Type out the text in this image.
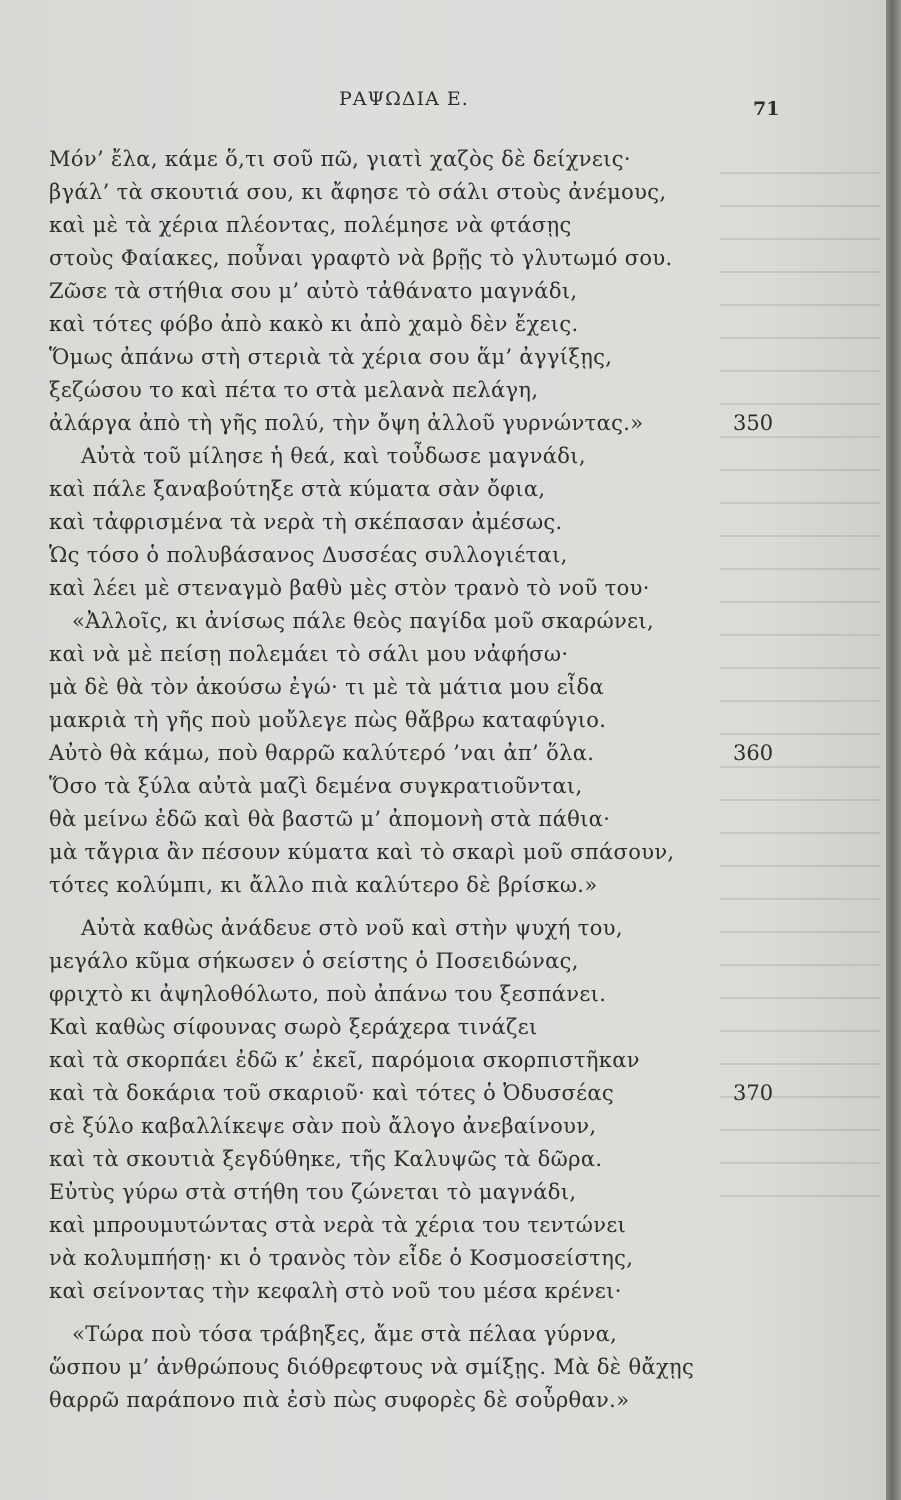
ΡΑΨΩΔΙΑ Ε.	71
Μόν’ ἔλα, κάμε ὅ,τι σοῦ πῶ, γιατὶ χαζὸς δὲ δείχνεις·
βγάλ’ τὰ σκουτιά σου, κι ἄφησε τὸ σάλι στοὺς ἀνέμους,
καὶ μὲ τὰ χέρια πλέοντας, πολέμησε νὰ φτάσῃς
στοὺς Φαίακες, ποὖναι γραφτὸ νὰ βρῇς τὸ γλυτωμό σου.
Ζῶσε τὰ στήθια σου μ’ αὐτὸ τἀθάνατο μαγνάδι,
καὶ τότες φόβο ἀπὸ κακὸ κι ἀπὸ χαμὸ δὲν ἔχεις.
Ὅμως ἀπάνω στὴ στεριὰ τὰ χέρια σου ἅμ’ ἀγγίξῃς,
ξεζώσου το καὶ πέτα το στὰ μελανὰ πελάγη,
ἀλάργα ἀπὸ τὴ γῆς πολύ, τὴν ὄψη ἀλλοῦ γυρνώντας.»	350
Αὐτὰ τοῦ μίλησε ἡ θεά, καὶ τοὖδωσε μαγνάδι,
καὶ πάλε ξαναβούτηξε στὰ κύματα σὰν ὄφια,
καὶ τἀφρισμένα τὰ νερὰ τὴ σκέπασαν ἀμέσως.
Ὡς τόσο ὁ πολυβάσανος Δυσσέας συλλογιέται,
καὶ λέει μὲ στεναγμὸ βαθὺ μὲς στὸν τρανὸ τὸ νοῦ του·
«Ἀλλοῖς, κι ἀνίσως πάλε θεὸς παγίδα μοῦ σκαρώνει,
καὶ νὰ μὲ πείσῃ πολεμάει τὸ σάλι μου νἀφήσω·
μὰ δὲ θὰ τὸν ἀκούσω ἐγώ· τι μὲ τὰ μάτια μου εἶδα
μακριὰ τὴ γῆς ποὺ μοὔλεγε πὼς θἄβρω καταφύγιο.
Αὐτὸ θὰ κάμω, ποὺ θαρρῶ καλύτερό ’ναι ἀπ’ ὅλα.	360
Ὅσο τὰ ξύλα αὐτὰ μαζὶ δεμένα συγκρατιοῦνται,
θὰ μείνω ἐδῶ καὶ θὰ βαστῶ μ’ ἀπομονὴ στὰ πάθια·
μὰ τἄγρια ἂν πέσουν κύματα καὶ τὸ σκαρὶ μοῦ σπάσουν,
τότες κολύμπι, κι ἄλλο πιὰ καλύτερο δὲ βρίσκω.»
Αὐτὰ καθὼς ἀνάδευε στὸ νοῦ καὶ στὴν ψυχή του,
μεγάλο κῦμα σήκωσεν ὁ σείστης ὁ Ποσειδώνας,
φριχτὸ κι ἀψηλοθόλωτο, ποὺ ἀπάνω του ξεσπάνει.
Καὶ καθὼς σίφουνας σωρὸ ξεράχερα τινάζει
καὶ τὰ σκορπάει ἐδῶ κ’ ἐκεῖ, παρόμοια σκορπιστῆκαν
καὶ τὰ δοκάρια τοῦ σκαριοῦ· καὶ τότες ὁ Ὀδυσσέας	370
σὲ ξύλο καβαλλίκεψε σὰν ποὺ ἄλογο ἀνεβαίνουν,
καὶ τὰ σκουτιὰ ξεγδύθηκε, τῆς Καλυψῶς τὰ δῶρα.
Εὐτὺς γύρω στὰ στήθη του ζώνεται τὸ μαγνάδι,
καὶ μπρουμυτώντας στὰ νερὰ τὰ χέρια του τεντώνει
νὰ κολυμπήσῃ· κι ὁ τρανὸς τὸν εἶδε ὁ Κοσμοσείστης,
καὶ σείνοντας τὴν κεφαλὴ στὸ νοῦ του μέσα κρένει·
«Τώρα ποὺ τόσα τράβηξες, ἄμε στὰ πέλαα γύρνα,
ὥσπου μ’ ἀνθρώπους διόθρεφτους νὰ σμίξῃς. Μὰ δὲ θἄχῃς
θαρρῶ παράπονο πιὰ ἐσὺ πὼς συφορὲς δὲ σοὖρθαν.»
